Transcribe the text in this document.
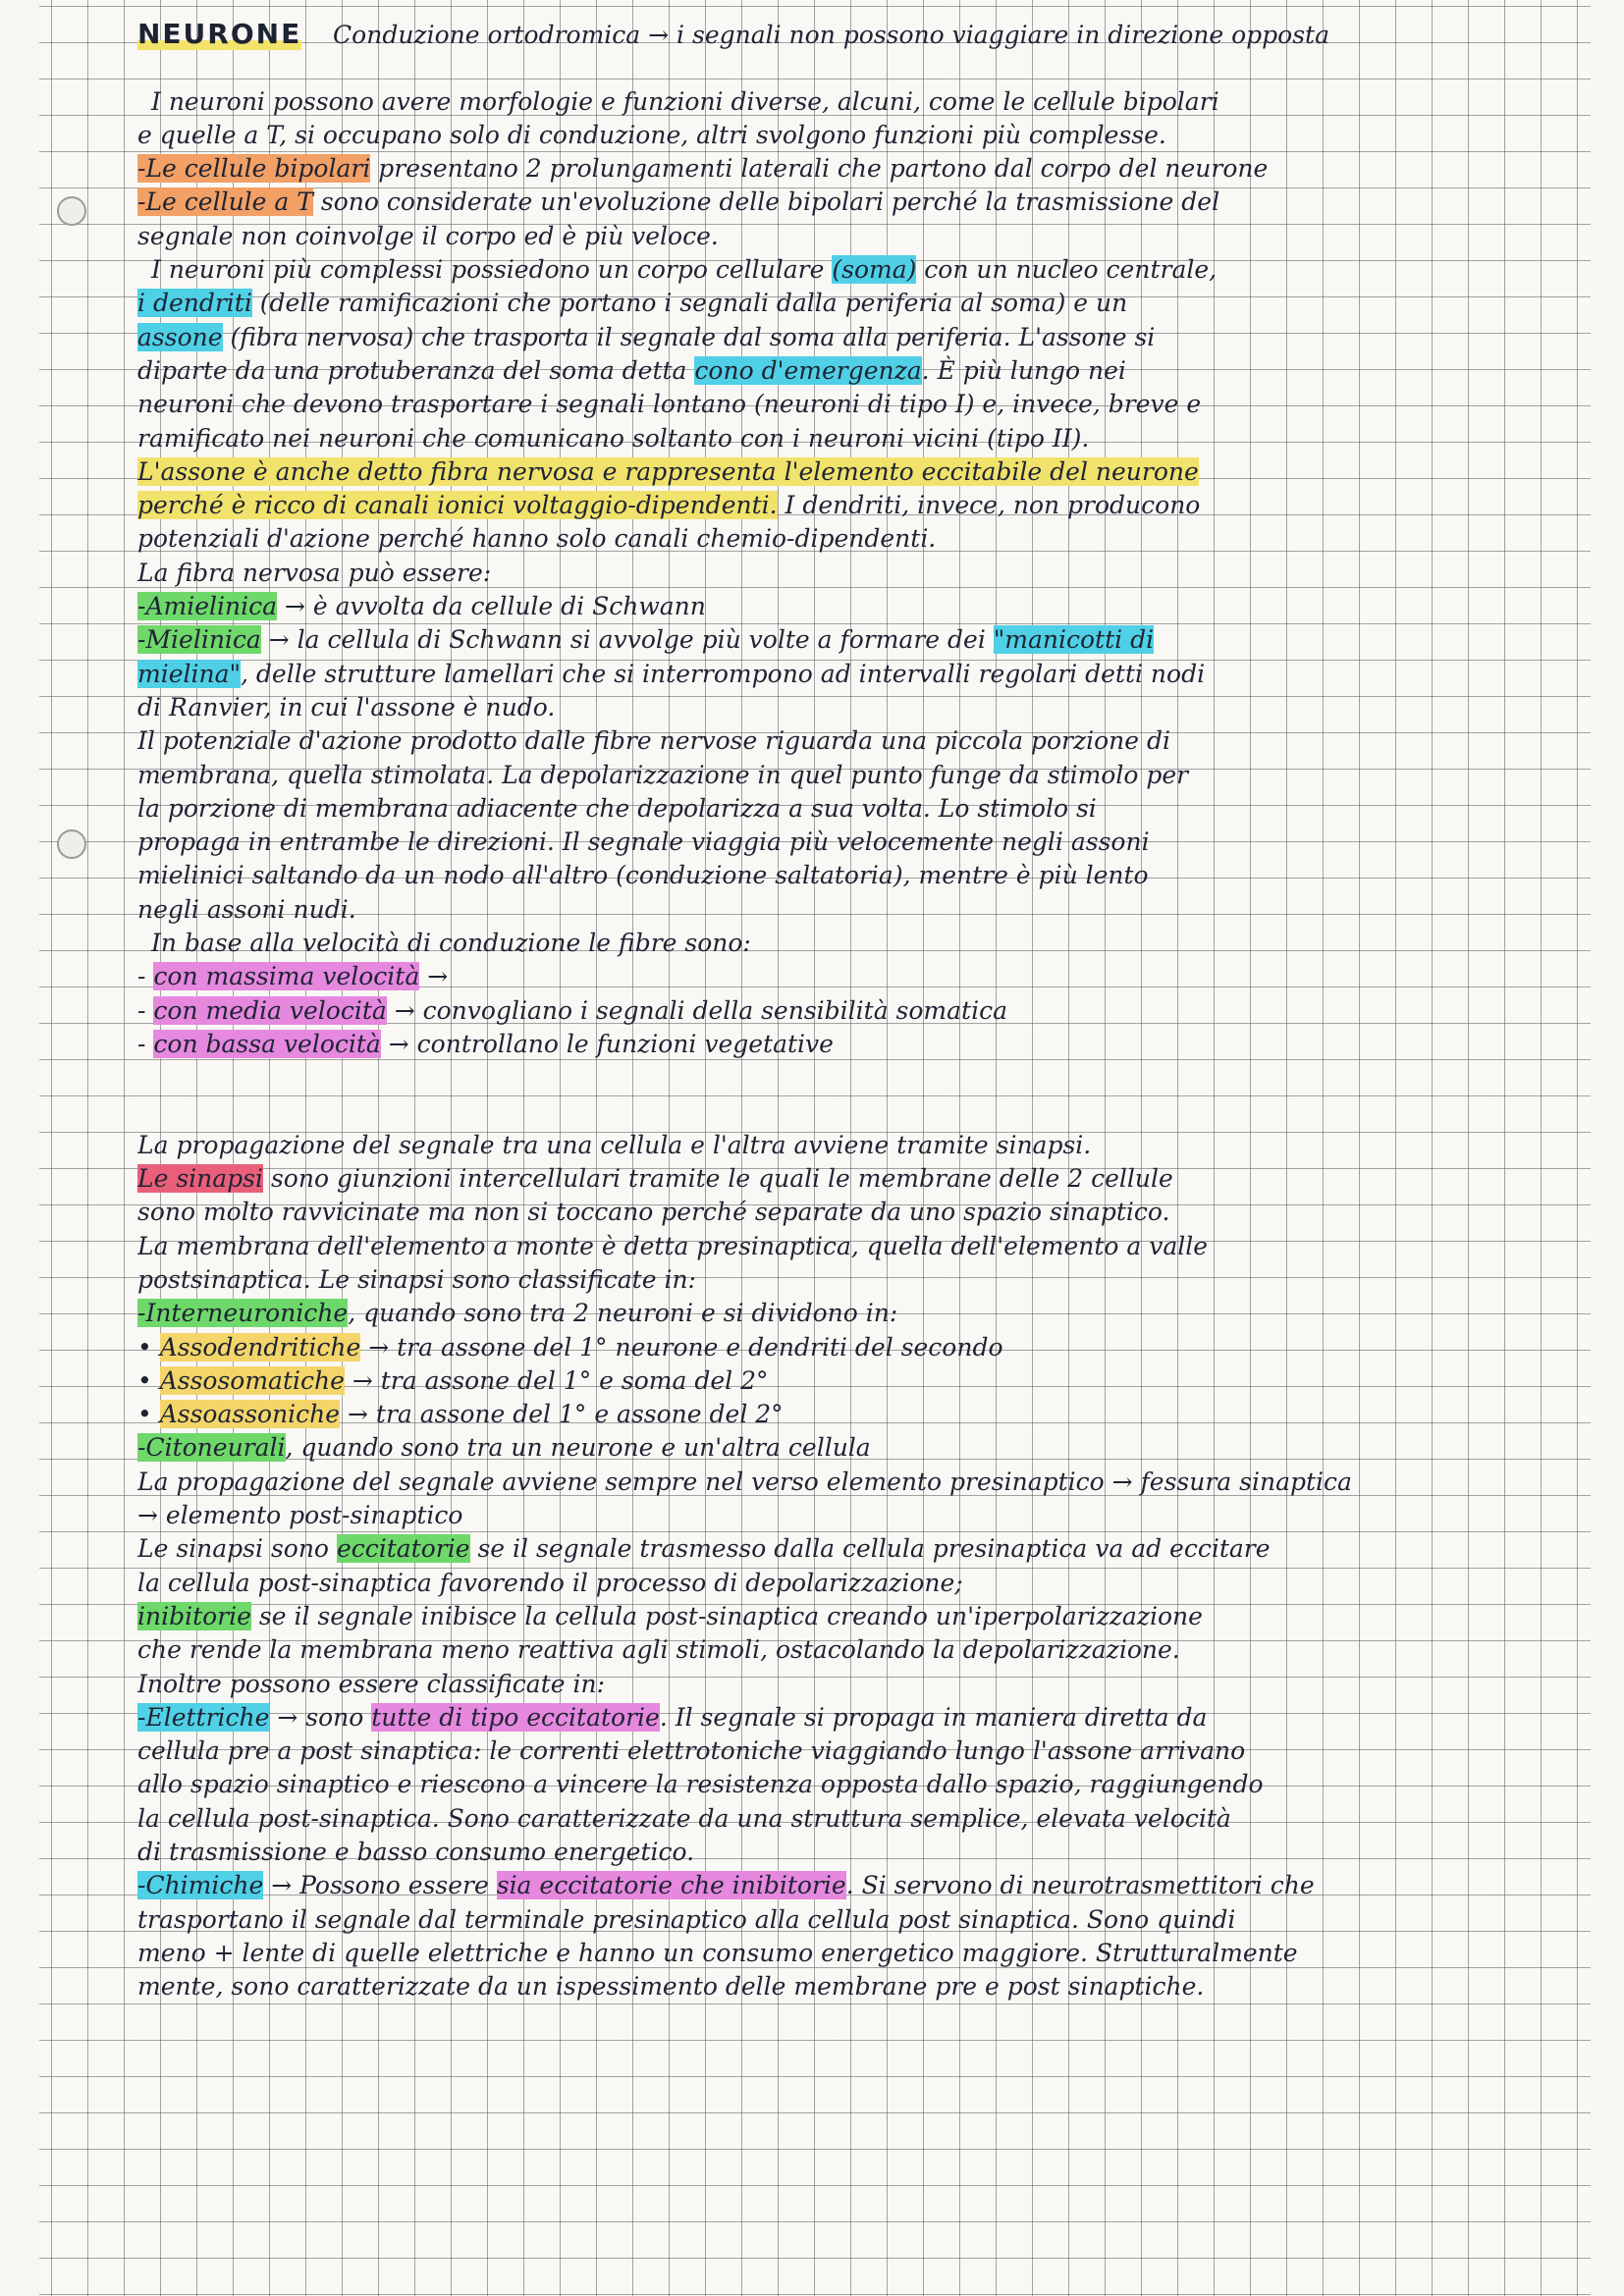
NEURONE Conduzione ortodromica → i segnali non possono viaggiare in direzione opposta
I neuroni possono avere morfologie e funzioni diverse, alcuni, come le cellule bipolari
e quelle a T, si occupano solo di conduzione, altri svolgono funzioni più complesse.
-Le cellule bipolari presentano 2 prolungamenti laterali che partono dal corpo del neurone
-Le cellule a T sono considerate un'evoluzione delle bipolari perché la trasmissione del
segnale non coinvolge il corpo ed è più veloce.
I neuroni più complessi possiedono un corpo cellulare (soma) con un nucleo centrale,
i dendriti (delle ramificazioni che portano i segnali dalla periferia al soma) e un
assone (fibra nervosa) che trasporta il segnale dal soma alla periferia. L'assone si
diparte da una protuberanza del soma detta cono d'emergenza. È più lungo nei
neuroni che devono trasportare i segnali lontano (neuroni di tipo I) e, invece, breve e
ramificato nei neuroni che comunicano soltanto con i neuroni vicini (tipo II).
L'assone è anche detto fibra nervosa e rappresenta l'elemento eccitabile del neurone
perché è ricco di canali ionici voltaggio-dipendenti. I dendriti, invece, non producono
potenziali d'azione perché hanno solo canali chemio-dipendenti.
La fibra nervosa può essere:
-Amielinica → è avvolta da cellule di Schwann
-Mielinica → la cellula di Schwann si avvolge più volte a formare dei "manicotti di
mielina", delle strutture lamellari che si interrompono ad intervalli regolari detti nodi
di Ranvier, in cui l'assone è nudo.
Il potenziale d'azione prodotto dalle fibre nervose riguarda una piccola porzione di
membrana, quella stimolata. La depolarizzazione in quel punto funge da stimolo per
la porzione di membrana adiacente che depolarizza a sua volta. Lo stimolo si
propaga in entrambe le direzioni. Il segnale viaggia più velocemente negli assoni
mielinici saltando da un nodo all'altro (conduzione saltatoria), mentre è più lento
negli assoni nudi.
In base alla velocità di conduzione le fibre sono:
- con massima velocità →
- con media velocità → convogliano i segnali della sensibilità somatica
- con bassa velocità → controllano le funzioni vegetative
La propagazione del segnale tra una cellula e l'altra avviene tramite sinapsi.
Le sinapsi sono giunzioni intercellulari tramite le quali le membrane delle 2 cellule
sono molto ravvicinate ma non si toccano perché separate da uno spazio sinaptico.
La membrana dell'elemento a monte è detta presinaptica, quella dell'elemento a valle
postsinaptica. Le sinapsi sono classificate in:
-Interneuroniche, quando sono tra 2 neuroni e si dividono in:
• Assodendritiche → tra assone del 1° neurone e dendriti del secondo
• Assosomatiche → tra assone del 1° e soma del 2°
• Assoassoniche → tra assone del 1° e assone del 2°
-Citoneurali, quando sono tra un neurone e un'altra cellula
La propagazione del segnale avviene sempre nel verso elemento presinaptico → fessura sinaptica
→ elemento post-sinaptico
Le sinapsi sono eccitatorie se il segnale trasmesso dalla cellula presinaptica va ad eccitare
la cellula post-sinaptica favorendo il processo di depolarizzazione;
inibitorie se il segnale inibisce la cellula post-sinaptica creando un'iperpolarizzazione
che rende la membrana meno reattiva agli stimoli, ostacolando la depolarizzazione.
Inoltre possono essere classificate in:
-Elettriche → sono tutte di tipo eccitatorie. Il segnale si propaga in maniera diretta da
cellula pre a post sinaptica: le correnti elettrotoniche viaggiando lungo l'assone arrivano
allo spazio sinaptico e riescono a vincere la resistenza opposta dallo spazio, raggiungendo
la cellula post-sinaptica. Sono caratterizzate da una struttura semplice, elevata velocità
di trasmissione e basso consumo energetico.
-Chimiche → Possono essere sia eccitatorie che inibitorie. Si servono di neurotrasmettitori che
trasportano il segnale dal terminale presinaptico alla cellula post sinaptica. Sono quindi
meno + lente di quelle elettriche e hanno un consumo energetico maggiore. Strutturalmente
mente, sono caratterizzate da un ispessimento delle membrane pre e post sinaptiche.
